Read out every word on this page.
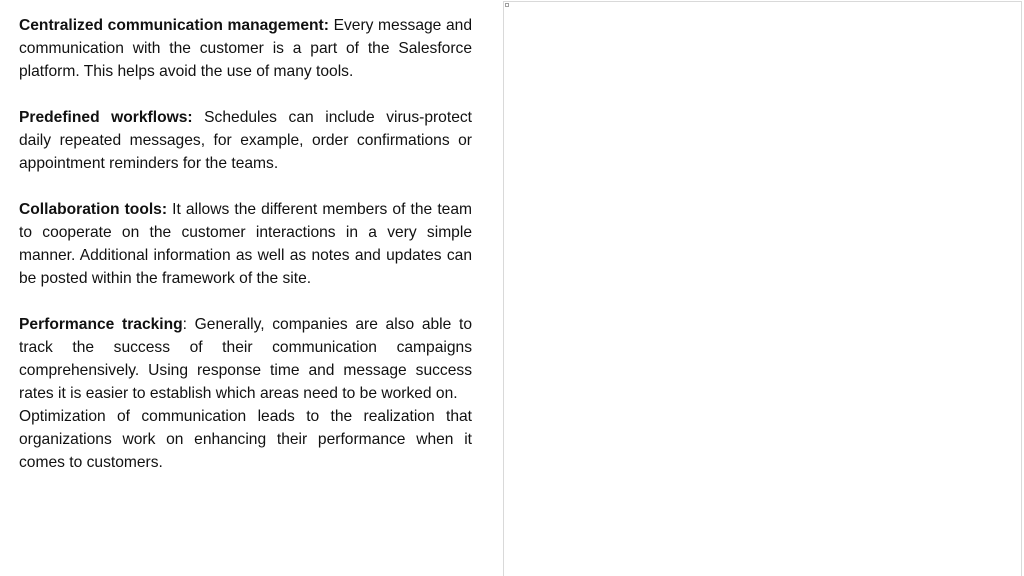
Centralized communication management: Every message and communication with the customer is a part of the Salesforce platform. This helps avoid the use of many tools.

Predefined workflows: Schedules can include virus-protect daily repeated messages, for example, order confirmations or appointment reminders for the teams.

Collaboration tools: It allows the different members of the team to cooperate on the customer interactions in a very simple manner. Additional information as well as notes and updates can be posted within the framework of the site.

Performance tracking: Generally, companies are also able to track the success of their communication campaigns comprehensively. Using response time and message success rates it is easier to establish which areas need to be worked on.

Optimization of communication leads to the realization that organizations work on enhancing their performance when it comes to customers.
